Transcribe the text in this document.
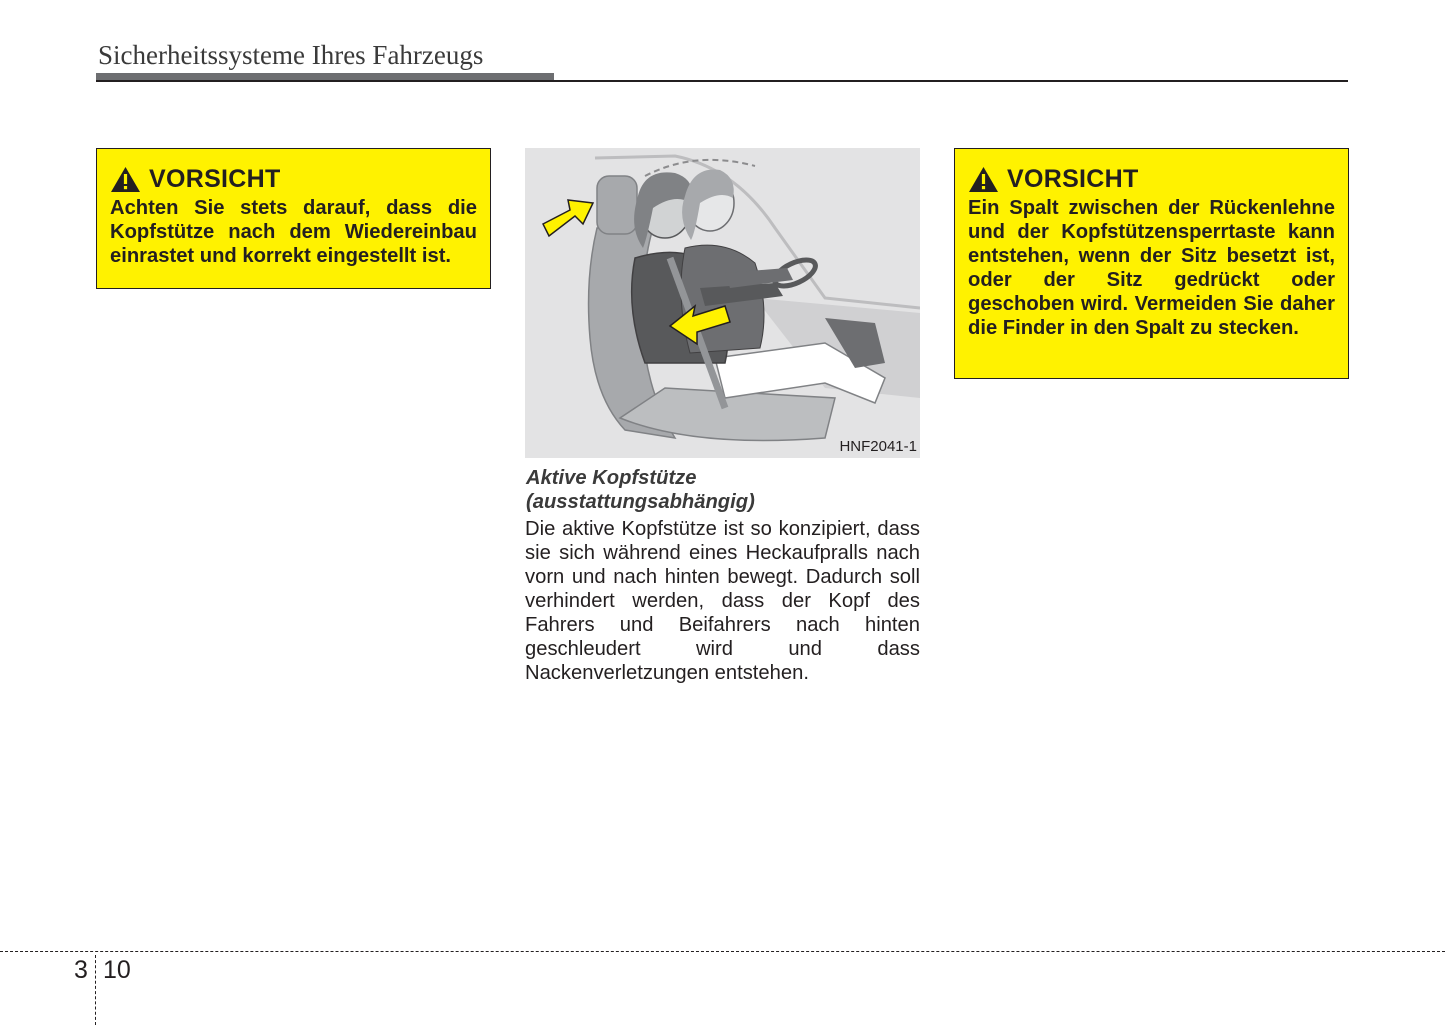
Sicherheitssysteme Ihres Fahrzeugs
VORSICHT
Achten Sie stets darauf, dass die Kopfstütze nach dem Wiedereinbau einrastet und korrekt eingestellt ist.
HNF2041-1
Aktive Kopfstütze (ausstattungsabhängig)
Die aktive Kopfstütze ist so konzipiert, dass sie sich während eines Heckaufpralls nach vorn und nach hinten bewegt. Dadurch soll verhindert werden, dass der Kopf des Fahrers und Beifahrers nach hinten geschleudert wird und dass Nackenverletzungen entstehen.
VORSICHT
Ein Spalt zwischen der Rückenlehne und der Kopfstützensperrtaste kann entstehen, wenn der Sitz besetzt ist, oder der Sitz gedrückt oder geschoben wird. Vermeiden Sie daher die Finder in den Spalt zu stecken.
3 10
